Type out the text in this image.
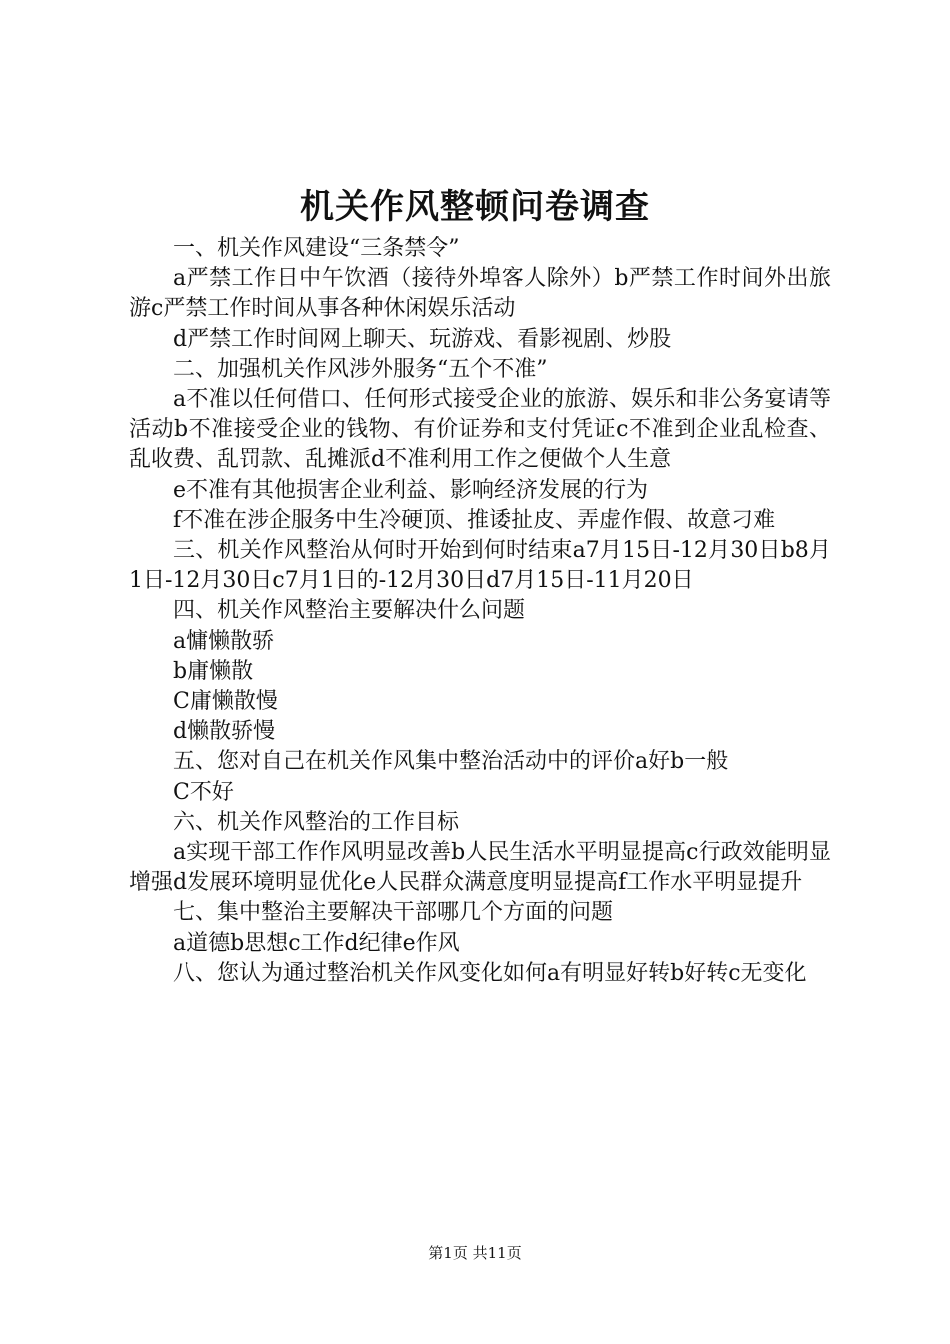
机关作风整顿问卷调查

一、机关作风建设“三条禁令”

a严禁工作日中午饮酒（接待外埠客人除外）b严禁工作时间外出旅游c严禁工作时间从事各种休闲娱乐活动

d严禁工作时间网上聊天、玩游戏、看影视剧、炒股

二、加强机关作风涉外服务“五个不准”

a不准以任何借口、任何形式接受企业的旅游、娱乐和非公务宴请等活动b不准接受企业的钱物、有价证券和支付凭证c不准到企业乱检查、乱收费、乱罚款、乱摊派d不准利用工作之便做个人生意

e不准有其他损害企业利益、影响经济发展的行为

f不准在涉企服务中生冷硬顶、推诿扯皮、弄虚作假、故意刁难

三、机关作风整治从何时开始到何时结束a7月15日-12月30日b8月1日-12月30日c7月1日的-12月30日d7月15日-11月20日

四、机关作风整治主要解决什么问题

a慵懒散骄

b庸懒散

C庸懒散慢

d懒散骄慢

五、您对自己在机关作风集中整治活动中的评价a好b一般

C不好

六、机关作风整治的工作目标

a实现干部工作作风明显改善b人民生活水平明显提高c行政效能明显增强d发展环境明显优化e人民群众满意度明显提高f工作水平明显提升

七、集中整治主要解决干部哪几个方面的问题

a道德b思想c工作d纪律e作风

八、您认为通过整治机关作风变化如何a有明显好转b好转c无变化

第1页 共11页
